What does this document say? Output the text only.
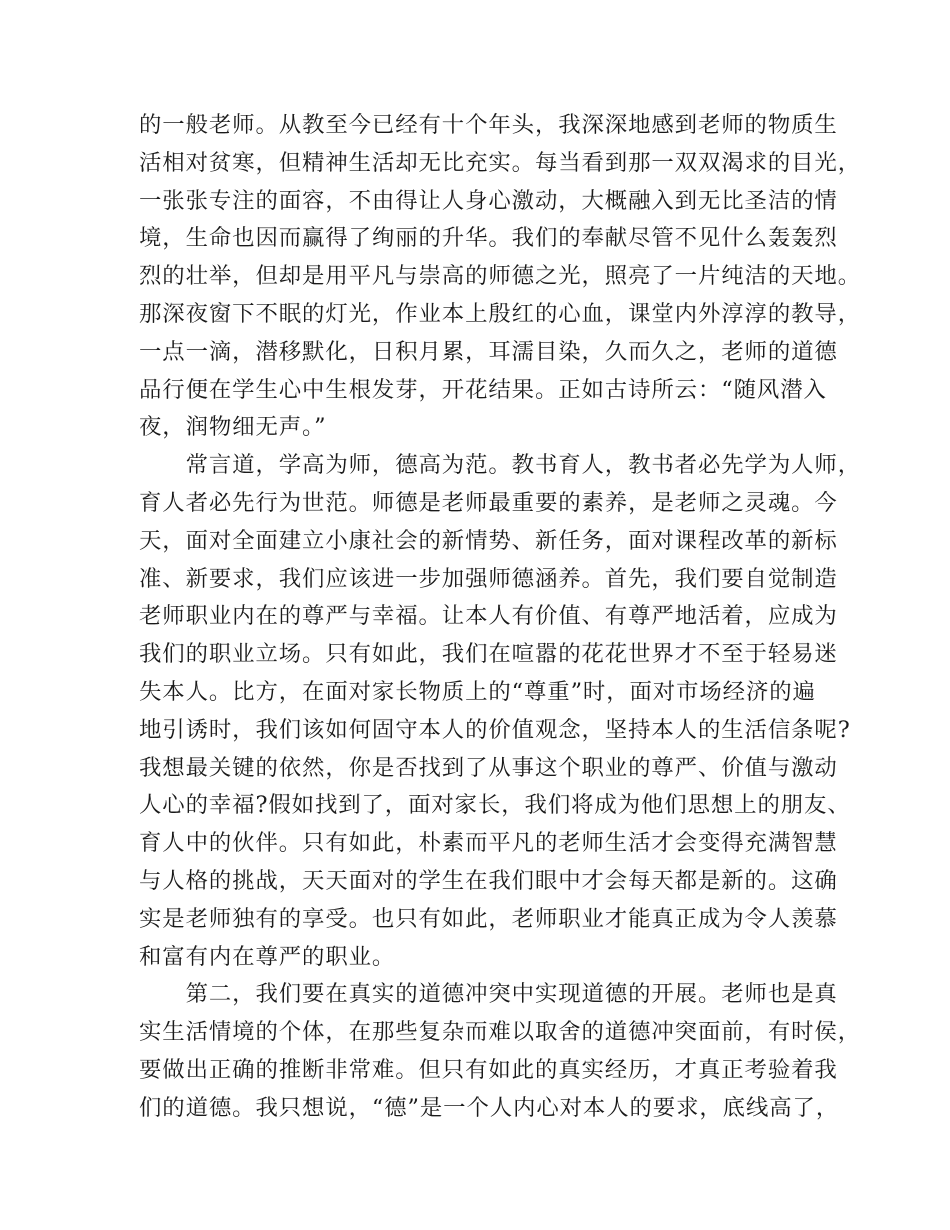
的一般老师。从教至今已经有十个年头，我深深地感到老师的物质生
活相对贫寒，但精神生活却无比充实。每当看到那一双双渴求的目光，
一张张专注的面容，不由得让人身心激动，大概融入到无比圣洁的情
境，生命也因而赢得了绚丽的升华。我们的奉献尽管不见什么轰轰烈
烈的壮举，但却是用平凡与崇高的师德之光，照亮了一片纯洁的天地。
那深夜窗下不眠的灯光，作业本上殷红的心血，课堂内外淳淳的教导，
一点一滴，潜移默化，日积月累，耳濡目染，久而久之，老师的道德
品行便在学生心中生根发芽，开花结果。正如古诗所云：“随风潜入
夜，润物细无声。”
　　常言道，学高为师，德高为范。教书育人，教书者必先学为人师，
育人者必先行为世范。师德是老师最重要的素养，是老师之灵魂。今
天，面对全面建立小康社会的新情势、新任务，面对课程改革的新标
准、新要求，我们应该进一步加强师德涵养。首先，我们要自觉制造
老师职业内在的尊严与幸福。让本人有价值、有尊严地活着，应成为
我们的职业立场。只有如此，我们在喧嚣的花花世界才不至于轻易迷
失本人。比方，在面对家长物质上的“尊重”时，面对市场经济的遍
地引诱时，我们该如何固守本人的价值观念，坚持本人的生活信条呢?
我想最关键的依然，你是否找到了从事这个职业的尊严、价值与激动
人心的幸福?假如找到了，面对家长，我们将成为他们思想上的朋友、
育人中的伙伴。只有如此，朴素而平凡的老师生活才会变得充满智慧
与人格的挑战，天天面对的学生在我们眼中才会每天都是新的。这确
实是老师独有的享受。也只有如此，老师职业才能真正成为令人羡慕
和富有内在尊严的职业。
　　第二，我们要在真实的道德冲突中实现道德的开展。老师也是真
实生活情境的个体，在那些复杂而难以取舍的道德冲突面前，有时侯，
要做出正确的推断非常难。但只有如此的真实经历，才真正考验着我
们的道德。我只想说，“德”是一个人内心对本人的要求，底线高了，
